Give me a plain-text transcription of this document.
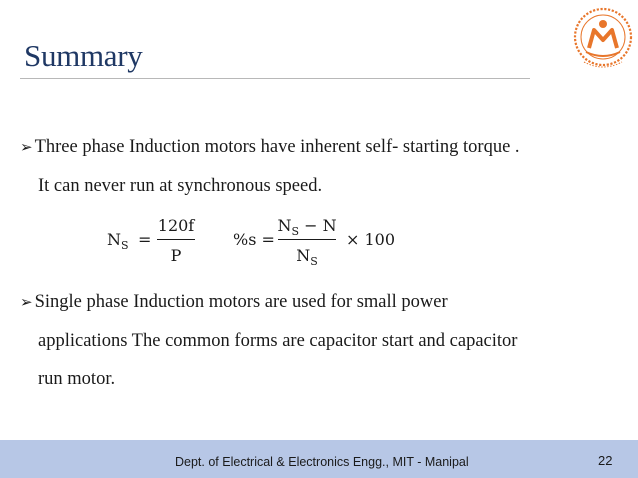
Summary
➢ Three phase Induction motors have inherent self- starting torque .
It can never run at synchronous speed.
$N_S$ =
120f
P
%s =
$N_S - N$
$N_S$
× 100
➢ Single phase Induction motors are used for small power
applications The common forms are capacitor start and capacitor
run motor.
Dept. of Electrical & Electronics Engg., MIT - Manipal	22
